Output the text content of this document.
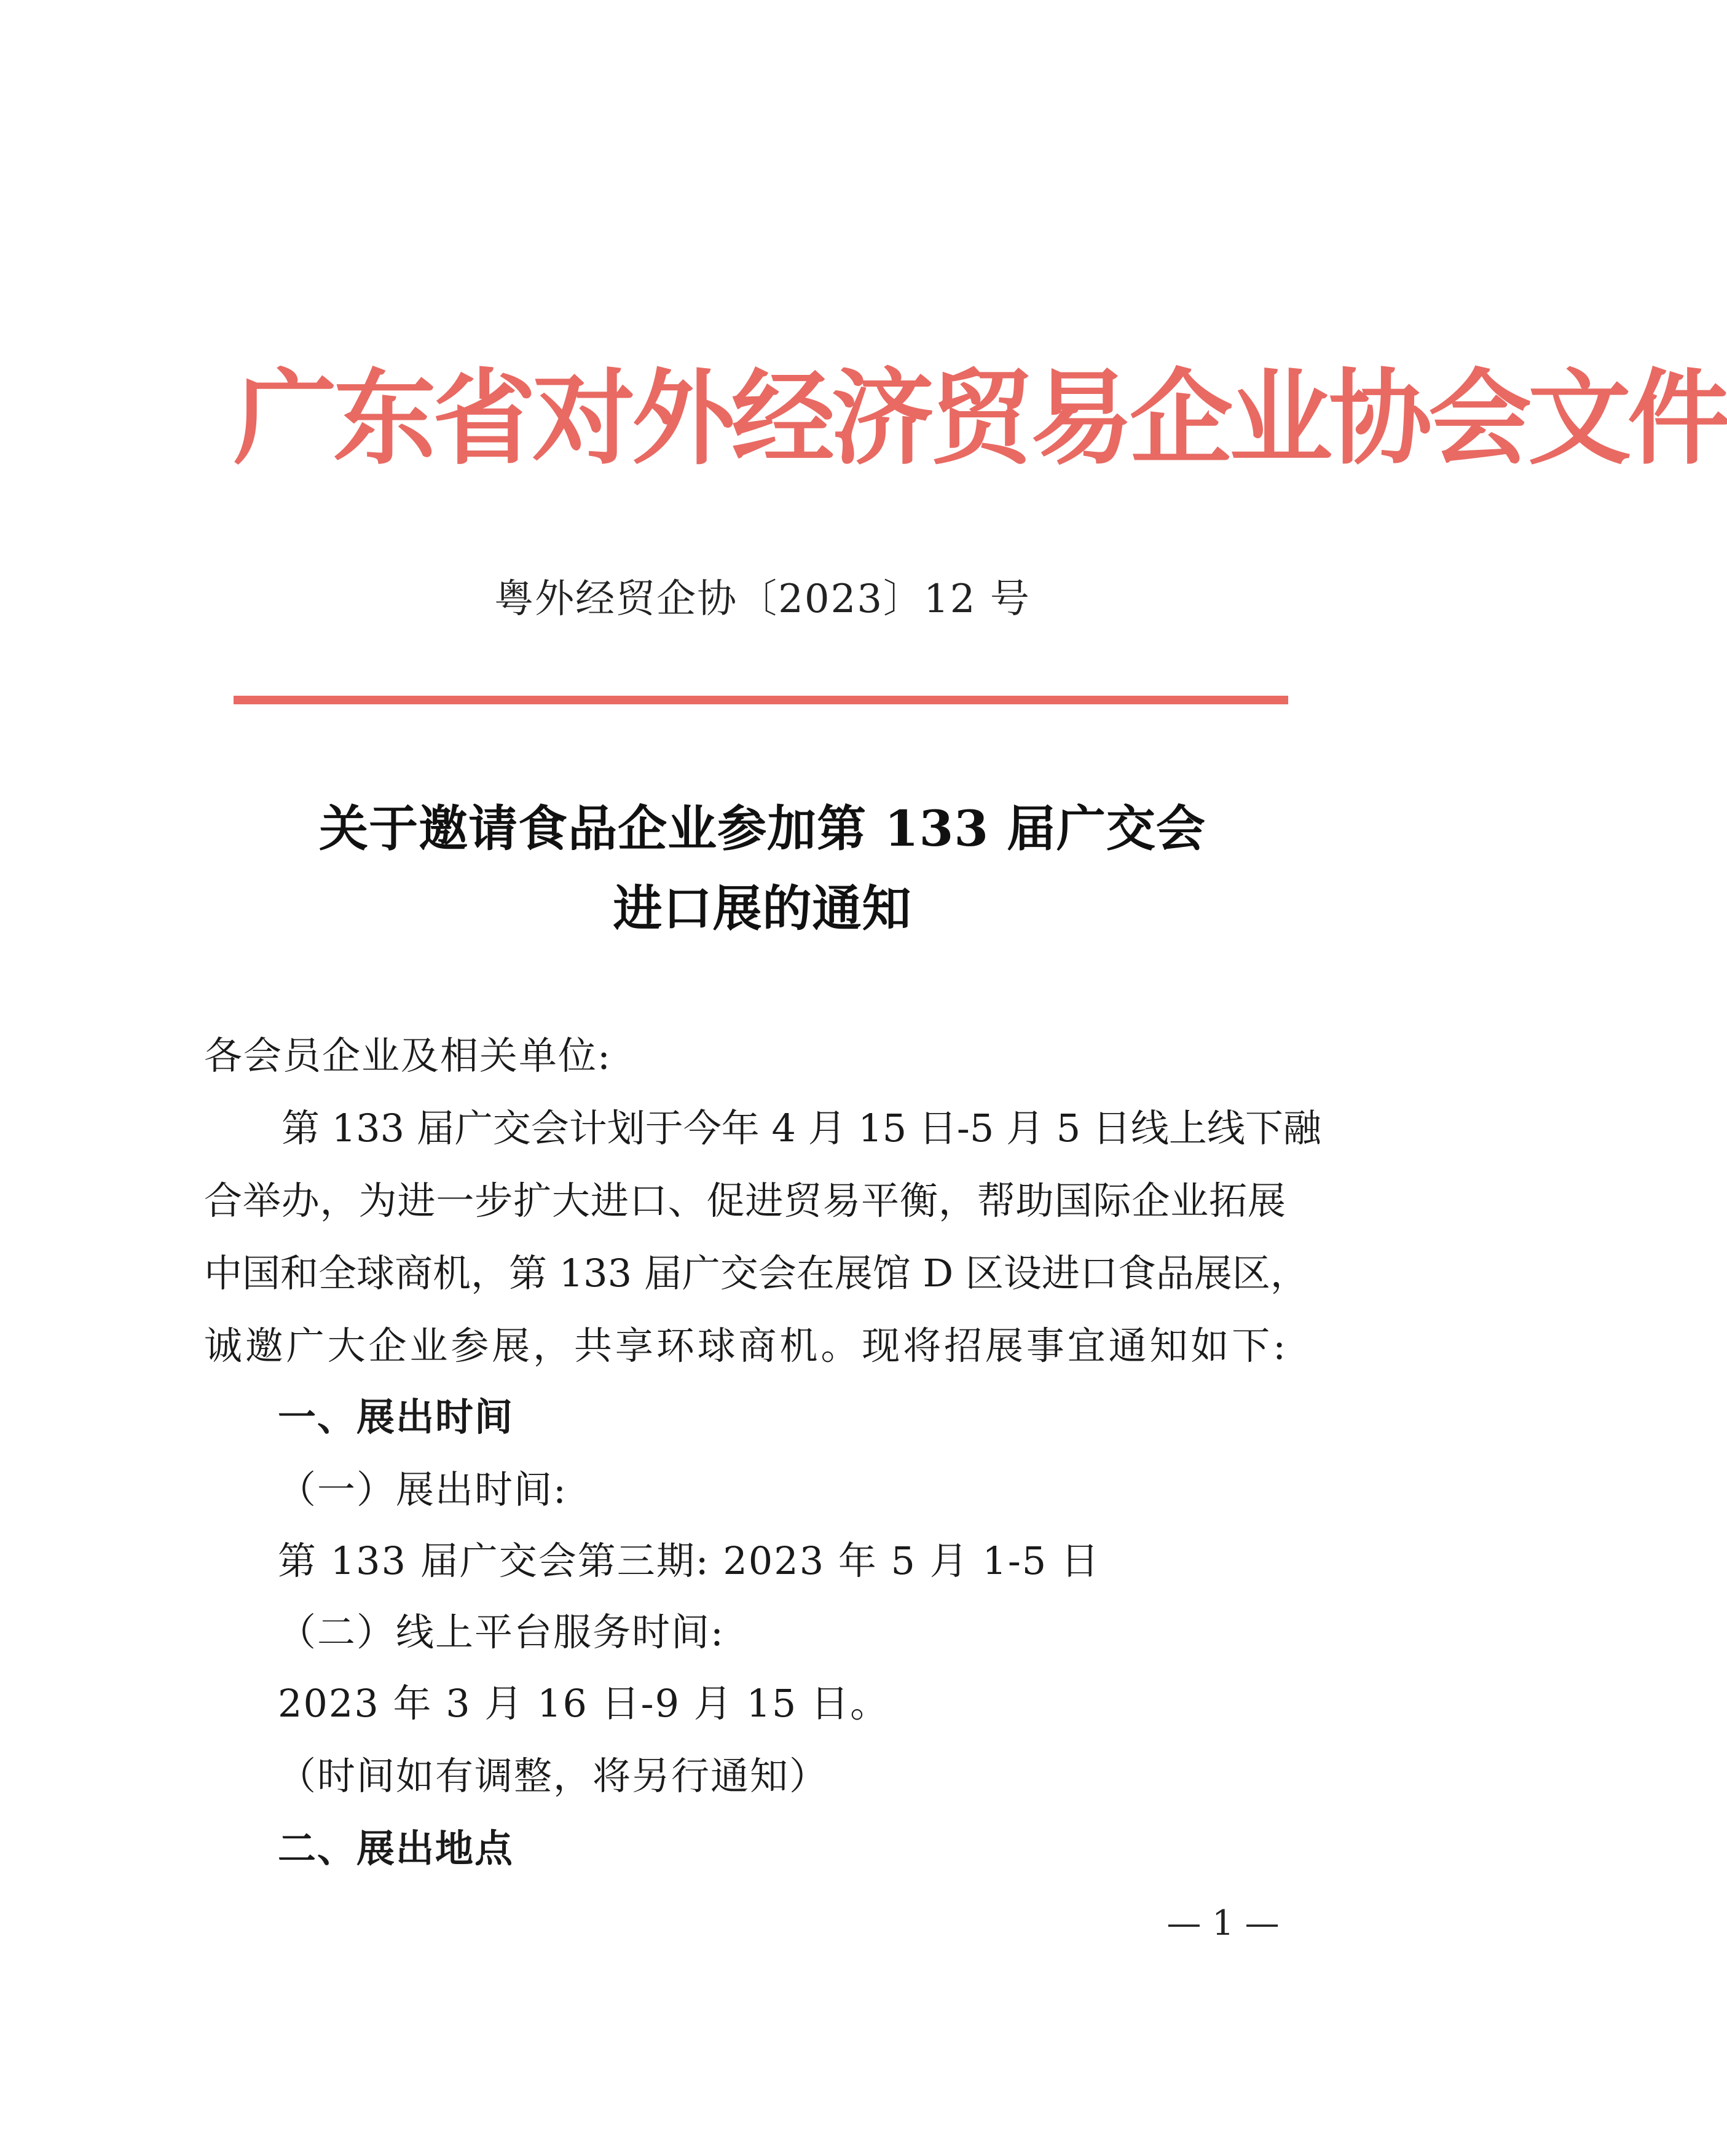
广东省对外经济贸易企业协会文件
粤外经贸企协〔2023〕12 号
关于邀请食品企业参加第 133 届广交会
进口展的通知
各会员企业及相关单位:
第 133 届广交会计划于今年 4 月 15 日-5 月 5 日线上线下融
合举办，为进一步扩大进口、促进贸易平衡，帮助国际企业拓展
中国和全球商机，第 133 届广交会在展馆 D 区设进口食品展区，
诚邀广大企业参展，共享环球商机。现将招展事宜通知如下:
一、展出时间
（一）展出时间:
第 133 届广交会第三期: 2023 年 5 月 1-5 日
（二）线上平台服务时间:
2023 年 3 月 16 日-9 月 15 日。
（时间如有调整，将另行通知）
二、展出地点
— 1 —
